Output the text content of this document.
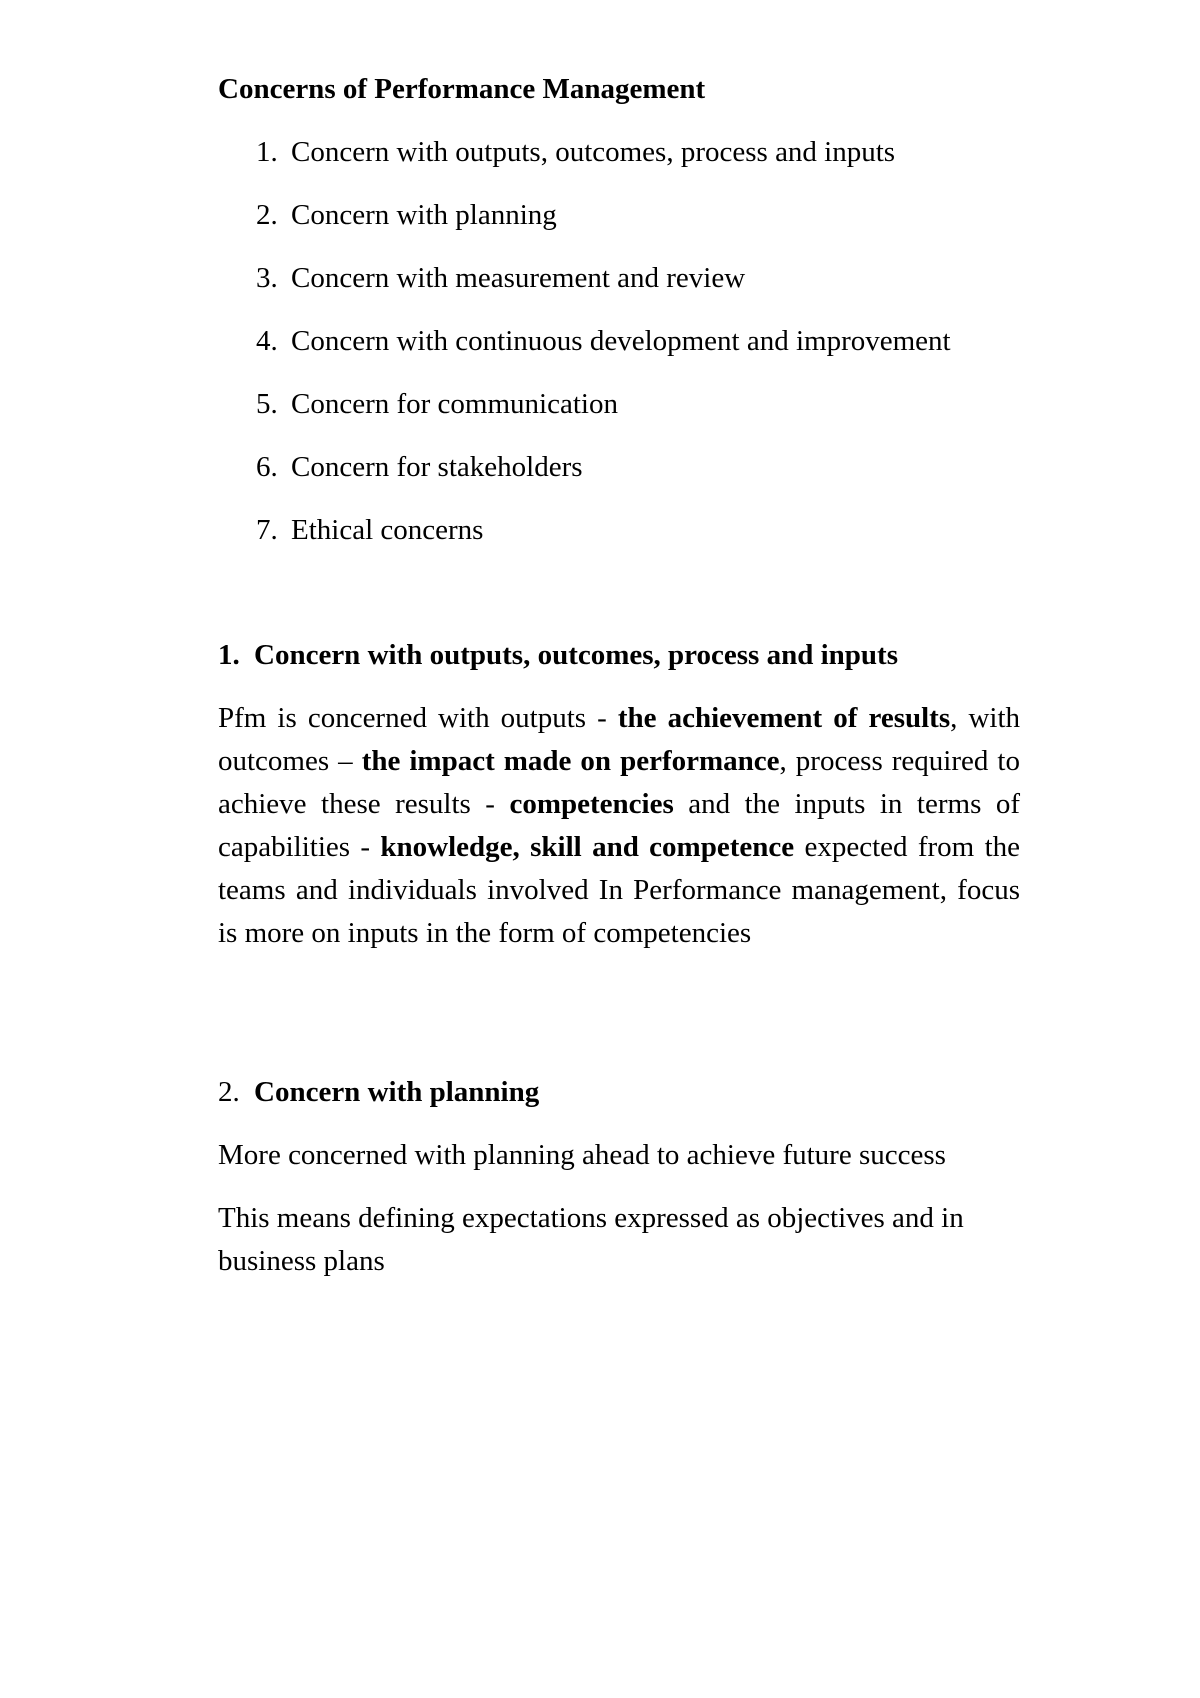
Concerns of Performance Management
1. Concern with outputs, outcomes, process and inputs
2. Concern with planning
3. Concern with measurement and review
4. Concern with continuous development and improvement
5. Concern for communication
6. Concern for stakeholders
7. Ethical concerns
1. Concern with outputs, outcomes, process and inputs

Pfm is concerned with outputs - the achievement of results, with outcomes – the impact made on performance, process required to achieve these results - competencies and the inputs in terms of capabilities - knowledge, skill and competence expected from the teams and individuals involved In Performance management, focus is more on inputs in the form of competencies

2. Concern with planning

More concerned with planning ahead to achieve future success

This means defining expectations expressed as objectives and in business plans
